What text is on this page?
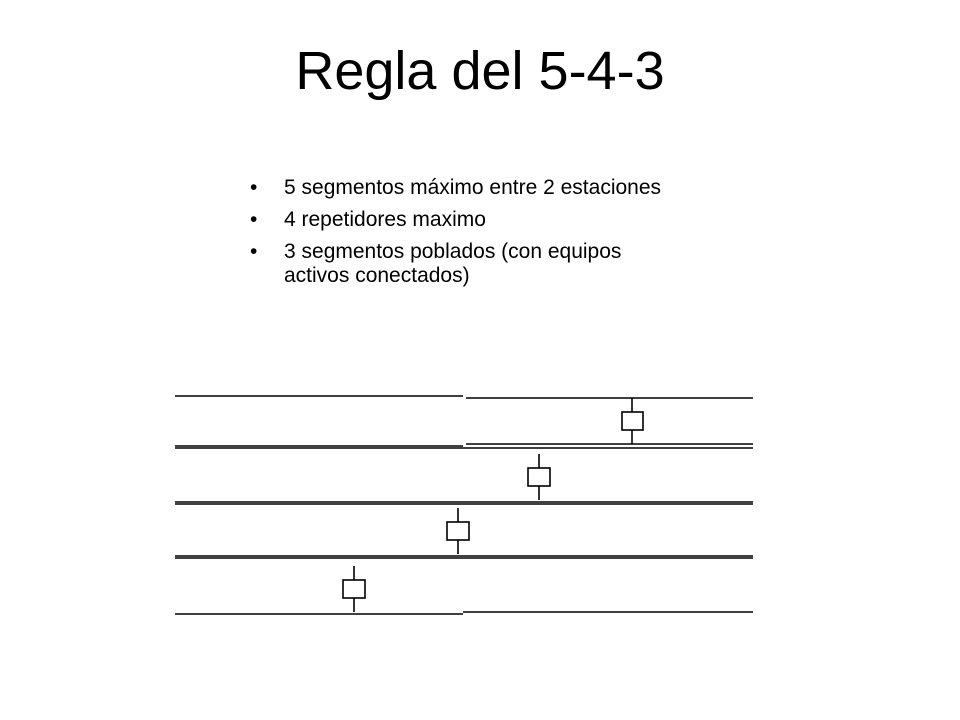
Regla del 5-4-3
• 5 segmentos máximo entre 2 estaciones
• 4 repetidores maximo
• 3 segmentos poblados (con equipos activos conectados)
